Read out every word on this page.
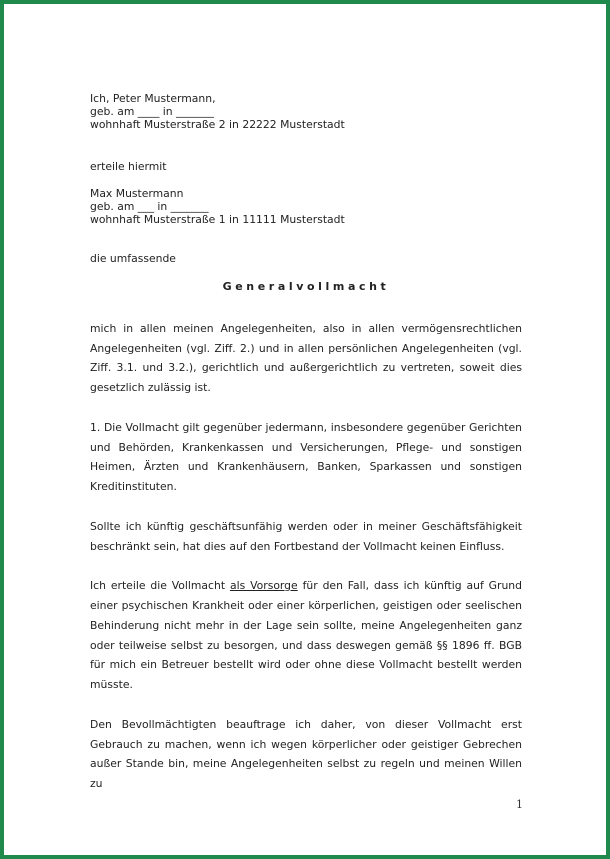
Ich, Peter Mustermann,

geb. am ____ in _______

wohnhaft Musterstraße 2 in 22222 Musterstadt

erteile hiermit

Max Mustermann

geb. am ___ in _______

wohnhaft Musterstraße 1 in 11111 Musterstadt

die umfassende

Generalvollmacht

mich in allen meinen Angelegenheiten, also in allen vermögensrechtlichen Angelegenheiten (vgl. Ziff. 2.) und in allen persönlichen Angelegenheiten (vgl. Ziff. 3.1. und 3.2.), gerichtlich und außergerichtlich zu vertreten, soweit dies gesetzlich zulässig ist.

1. Die Vollmacht gilt gegenüber jedermann, insbesondere gegenüber Gerichten und Behörden, Krankenkassen und Versicherungen, Pflege- und sonstigen Heimen, Ärzten und Krankenhäusern, Banken, Sparkassen und sonstigen Kreditinstituten.

Sollte ich künftig geschäftsunfähig werden oder in meiner Geschäftsfähigkeit beschränkt sein, hat dies auf den Fortbestand der Vollmacht keinen Einfluss.

Ich erteile die Vollmacht als Vorsorge für den Fall, dass ich künftig auf Grund einer psychischen Krankheit oder einer körperlichen, geistigen oder seelischen Behinderung nicht mehr in der Lage sein sollte, meine Angelegenheiten ganz oder teilweise selbst zu besorgen, und dass deswegen gemäß §§ 1896 ff. BGB für mich ein Betreuer bestellt wird oder ohne diese Vollmacht bestellt werden müsste.

Den Bevollmächtigten beauftrage ich daher, von dieser Vollmacht erst Gebrauch zu machen, wenn ich wegen körperlicher oder geistiger Gebrechen außer Stande bin, meine Angelegenheiten selbst zu regeln und meinen Willen zu

1
